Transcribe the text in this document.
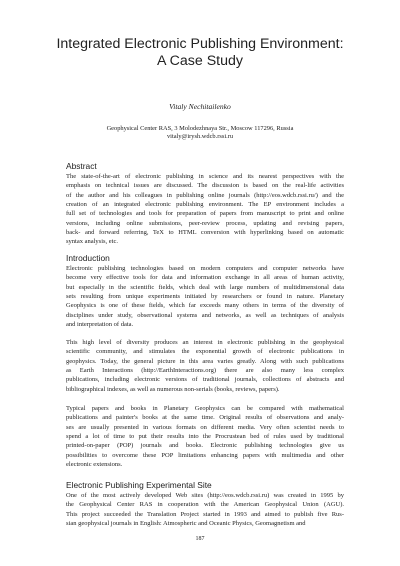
Integrated Electronic Publishing Environment:
A Case Study
Vitaly Nechitailenko
Geophysical Center RAS, 3 Molodezhnaya Str., Moscow 117296, Russia
vitaly@irysh.wdcb.rssi.ru
Abstract
The state-of-the-art of electronic publishing in science and its nearest perspectives with the
emphasis on technical issues are discussed. The discussion is based on the real-life activities
of the author and his colleagues in publishing online journals (http://eos.wdcb.rssi.ru/) and the
creation of an integrated electronic publishing environment. The EP environment includes a
full set of technologies and tools for preparation of papers from manuscript to print and online
versions, including online submissions, peer-review process, updating and revising papers,
back- and forward referring, TeX to HTML conversion with hyperlinking based on automatic
syntax analysis, etc.
Introduction
Electronic publishing technologies based on modern computers and computer networks have
become very effective tools for data and information exchange in all areas of human activity,
but especially in the scientific fields, which deal with large numbers of multidimensional data
sets resulting from unique experiments initiated by researchers or found in nature. Planetary
Geophysics is one of these fields, which far exceeds many others in terms of the diversity of
disciplines under study, observational systems and networks, as well as techniques of analysis
and interpretation of data.
This high level of diversity produces an interest in electronic publishing in the geophysical
scientific community, and stimulates the exponential growth of electronic publications in
geophysics. Today, the general picture in this area varies greatly. Along with such publications
as Earth Interactions (http://EarthInteractions.org) there are also many less complex
publications, including electronic versions of traditional journals, collections of abstracts and
bibliographical indexes, as well as numerous non-serials (books, reviews, papers).
Typical papers and books in Planetary Geophysics can be compared with mathematical
publications and painter's books at the same time. Original results of observations and analy-
ses are usually presented in various formats on different media. Very often scientist needs to
spend a lot of time to put their results into the Procrustean bed of rules used by traditional
printed-on-paper (POP) journals and books. Electronic publishing technologies give us
possibilities to overcome these POP limitations enhancing papers with multimedia and other
electronic extensions.
Electronic Publishing Experimental Site
One of the most actively developed Web sites (http://eos.wdcb.rssi.ru) was created in 1995 by
the Geophysical Center RAS in cooperation with the American Geophysical Union (AGU).
This project succeeded the Translation Project started in 1993 and aimed to publish five Rus-
sian geophysical journals in English: Atmospheric and Oceanic Physics, Geomagnetism and
187
